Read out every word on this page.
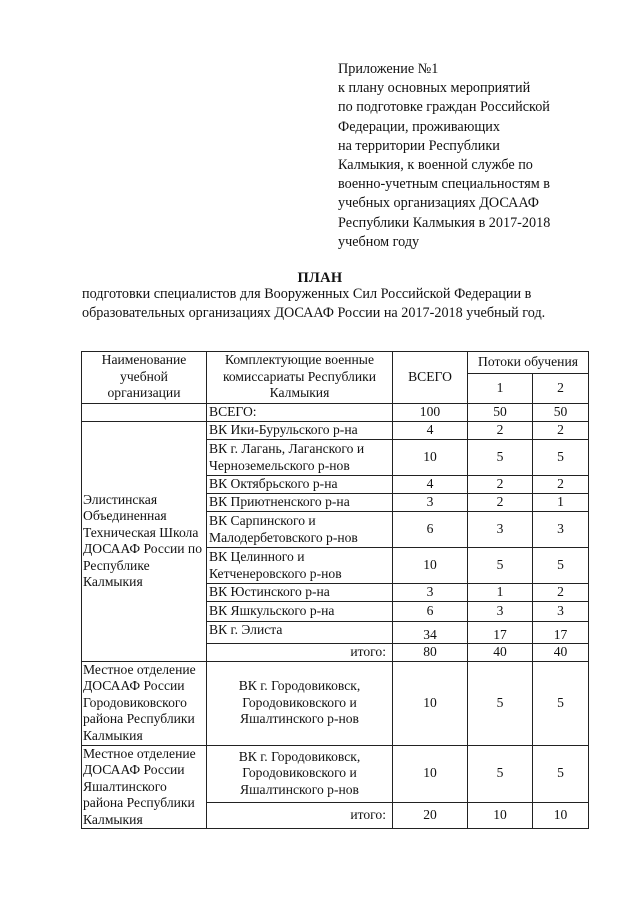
Приложение №1
к плану основных мероприятий
по подготовке граждан Российской
Федерации, проживающих
на территории Республики
Калмыкия, к военной службе по
военно-учетным специальностям в
учебных организациях ДОСААФ
Республики Калмыкия в 2017-2018
учебном году
ПЛАН
подготовки специалистов для Вооруженных Сил Российской Федерации в
образовательных организациях ДОСААФ России на 2017-2018 учебный год.
Наименование учебной организации	Комплектующие военные комиссариаты Республики Калмыкия	ВСЕГО	Потоки обучения	
			1	2
	ВСЕГО:	100	50	50
Элистинская Объединенная Техническая Школа ДОСААФ России по Республике Калмыкия	ВК Ики-Бурульского р-на	4	2	2
	ВК г. Лагань, Лаганского и Черноземельского р-нов	10	5	5
	ВК Октябрьского р-на	4	2	2
	ВК Приютненского р-на	3	2	1
	ВК Сарпинского и Малодербетовского р-нов	6	3	3
	ВК Целинного и Кетченеровского р-нов	10	5	5
	ВК Юстинского р-на	3	1	2
	ВК Яшкульского р-на	6	3	3
	ВК г. Элиста	34	17	17
	итого:	80	40	40
Местное отделение ДОСААФ России Городовиковского района Республики Калмыкия	ВК г. Городовиковск, Городовиковского и Яшалтинского р-нов	10	5	5
Местное отделение ДОСААФ России Яшалтинского района Республики Калмыкия	ВК г. Городовиковск, Городовиковского и Яшалтинского р-нов	10	5	5
	итого:	20	10	10
